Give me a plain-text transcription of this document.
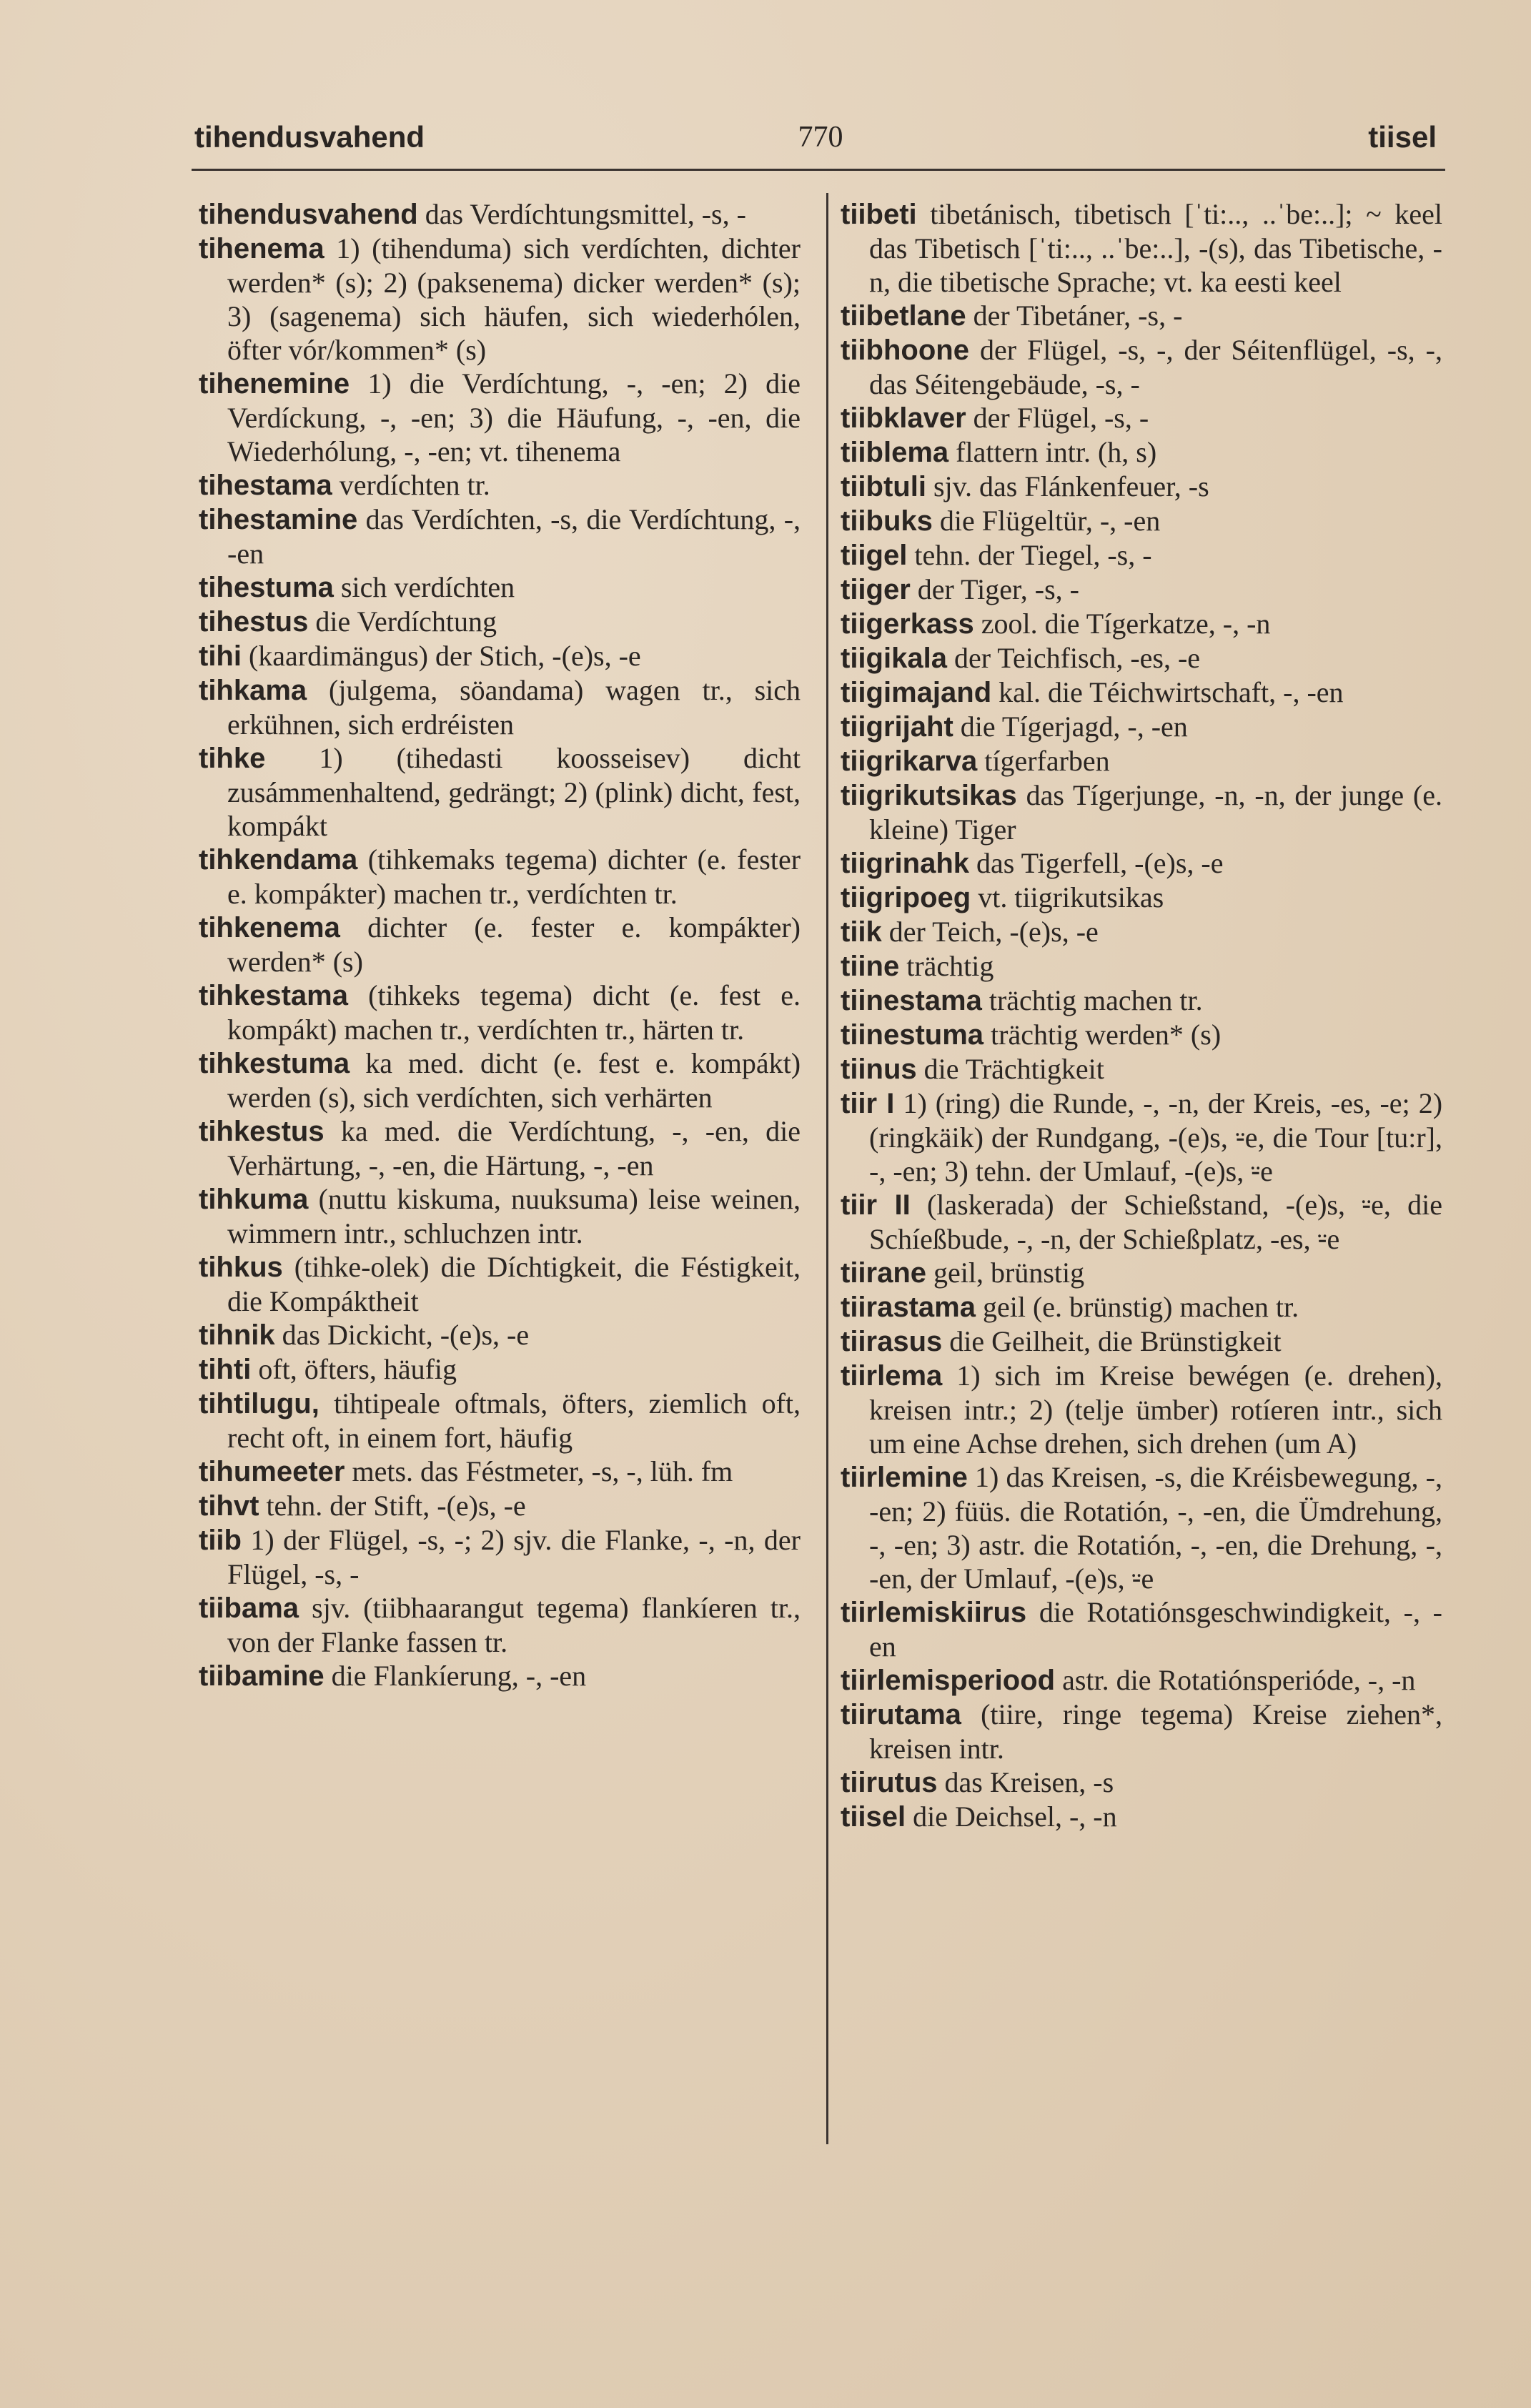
tihendusvahend	770	tiisel

tihendusvahend das Verdíchtungsmittel, -s, -

tihenema 1) (tihenduma) sich verdíchten, dichter werden* (s); 2) (paksenema) dicker werden* (s); 3) (sagenema) sich häufen, sich wiederhólen, öfter vór/kommen* (s)

tihenemine 1) die Verdíchtung, -, -en; 2) die Verdíckung, -, -en; 3) die Häufung, -, -en, die Wiederhólung, -, -en; vt. tihenema

tihestama verdíchten tr.

tihestamine das Verdíchten, -s, die Verdíchtung, -, -en

tihestuma sich verdíchten

tihestus die Verdíchtung

tihi (kaardimängus) der Stich, -(e)s, -e

tihkama (julgema, söandama) wagen tr., sich erkühnen, sich erdréisten

tihke 1) (tihedasti koosseisev) dicht zusámmenhaltend, gedrängt; 2) (plink) dicht, fest, kompákt

tihkendama (tihkemaks tegema) dichter (e. fester e. kompákter) machen tr., verdíchten tr.

tihkenema dichter (e. fester e. kompákter) werden* (s)

tihkestama (tihkeks tegema) dicht (e. fest e. kompákt) machen tr., verdíchten tr., härten tr.

tihkestuma ka med. dicht (e. fest e. kompákt) werden (s), sich verdíchten, sich verhärten

tihkestus ka med. die Verdíchtung, -, -en, die Verhärtung, -, -en, die Härtung, -, -en

tihkuma (nuttu kiskuma, nuuksuma) leise weinen, wimmern intr., schluchzen intr.

tihkus (tihke-olek) die Díchtigkeit, die Féstigkeit, die Kompáktheit

tihnik das Dickicht, -(e)s, -e

tihti oft, öfters, häufig

tihtilugu, tihtipeale oftmals, öfters, ziemlich oft, recht oft, in einem fort, häufig

tihumeeter mets. das Féstmeter, -s, -, lüh. fm

tihvt tehn. der Stift, -(e)s, -e

tiib 1) der Flügel, -s, -; 2) sjv. die Flanke, -, -n, der Flügel, -s, -

tiibama sjv. (tiibhaarangut tegema) flankíeren tr., von der Flanke fassen tr.

tiibamine die Flankíerung, -, -en

tiibeti tibetánisch, tibetisch [ˈti:.., ..ˈbe:..]; ~ keel das Tibetisch [ˈti:.., ..ˈbe:..], -(s), das Tibetische, -n, die tibetische Sprache; vt. ka eesti keel

tiibetlane der Tibetáner, -s, -

tiibhoone der Flügel, -s, -, der Séitenflügel, -s, -, das Séitengebäude, -s, -

tiibklaver der Flügel, -s, -

tiiblema flattern intr. (h, s)

tiibtuli sjv. das Flánkenfeuer, -s

tiibuks die Flügeltür, -, -en

tiigel tehn. der Tiegel, -s, -

tiiger der Tiger, -s, -

tiigerkass zool. die Tígerkatze, -, -n

tiigikala der Teichfisch, -es, -e

tiigimajand kal. die Téichwirtschaft, -, -en

tiigrijaht die Tígerjagd, -, -en

tiigrikarva tígerfarben

tiigrikutsikas das Tígerjunge, -n, -n, der junge (e. kleine) Tiger

tiigrinahk das Tigerfell, -(e)s, -e

tiigripoeg vt. tiigrikutsikas

tiik der Teich, -(e)s, -e

tiine trächtig

tiinestama trächtig machen tr.

tiinestuma trächtig werden* (s)

tiinus die Trächtigkeit

tiir I 1) (ring) die Runde, -, -n, der Kreis, -es, -e; 2) (ringkäik) der Rundgang, -(e)s, ⸚e, die Tour [tu:r], -, -en; 3) tehn. der Umlauf, -(e)s, ⸚e

tiir II (laskerada) der Schießstand, -(e)s, ⸚e, die Schíeßbude, -, -n, der Schießplatz, -es, ⸚e

tiirane geil, brünstig

tiirastama geil (e. brünstig) machen tr.

tiirasus die Geilheit, die Brünstigkeit

tiirlema 1) sich im Kreise bewégen (e. drehen), kreisen intr.; 2) (telje ümber) rotíeren intr., sich um eine Achse drehen, sich drehen (um A)

tiirlemine 1) das Kreisen, -s, die Kréisbewegung, -, -en; 2) füüs. die Rotatión, -, -en, die Ümdrehung, -, -en; 3) astr. die Rotatión, -, -en, die Drehung, -, -en, der Umlauf, -(e)s, ⸚e

tiirlemiskiirus die Rotatiónsgeschwindigkeit, -, -en

tiirlemisperiood astr. die Rotatiónsperióde, -, -n

tiirutama (tiire, ringe tegema) Kreise ziehen*, kreisen intr.

tiirutus das Kreisen, -s

tiisel die Deichsel, -, -n
